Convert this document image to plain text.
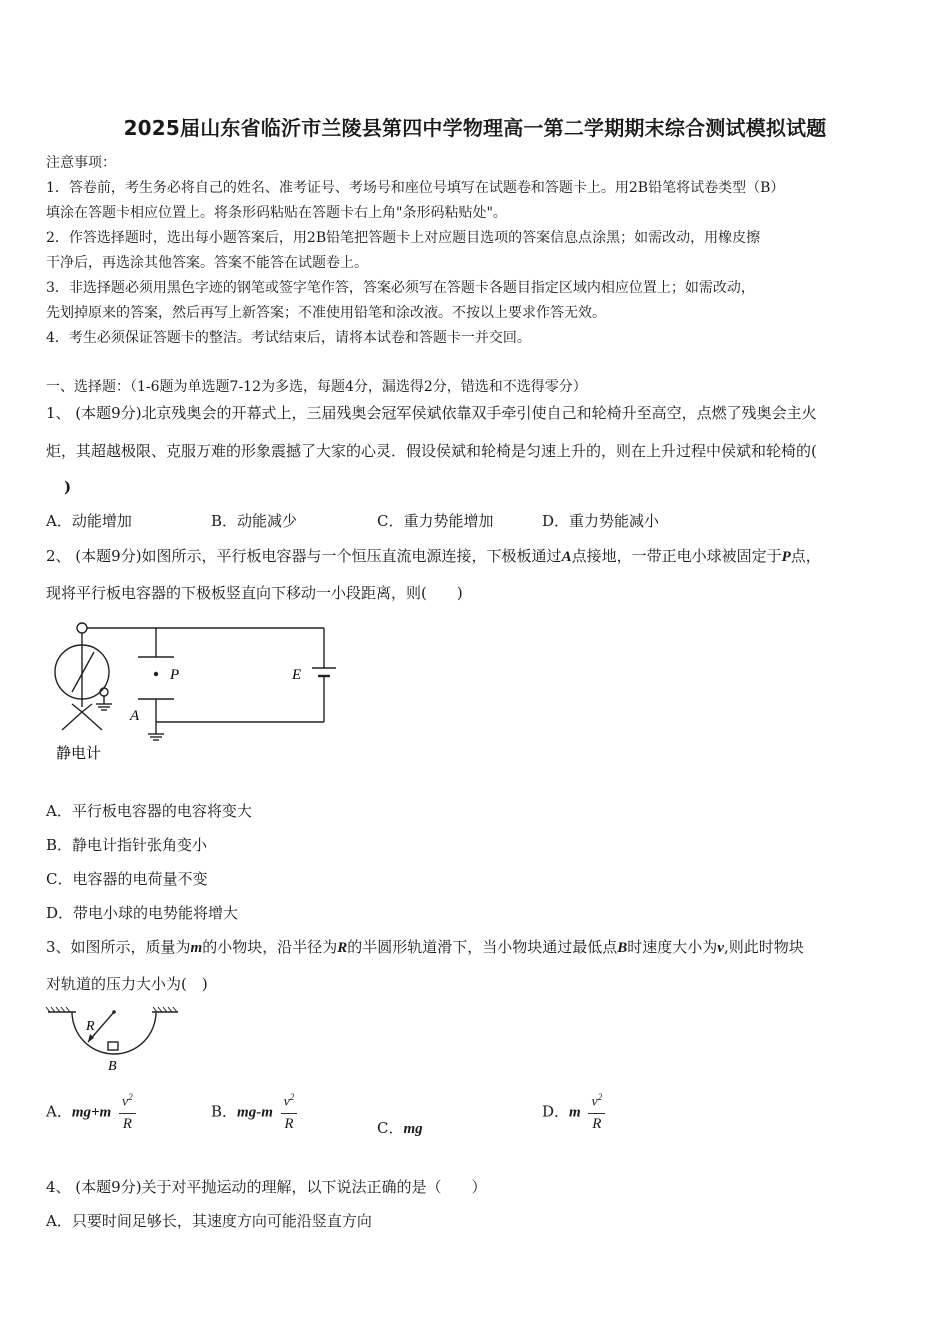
2025届山东省临沂市兰陵县第四中学物理高一第二学期期末综合测试模拟试题
注意事项：
1．答卷前，考生务必将自己的姓名、准考证号、考场号和座位号填写在试题卷和答题卡上。用2B铅笔将试卷类型（B）
填涂在答题卡相应位置上。将条形码粘贴在答题卡右上角"条形码粘贴处"。
2．作答选择题时，选出每小题答案后，用2B铅笔把答题卡上对应题目选项的答案信息点涂黑；如需改动，用橡皮擦
干净后，再选涂其他答案。答案不能答在试题卷上。
3．非选择题必须用黑色字迹的钢笔或签字笔作答，答案必须写在答题卡各题目指定区域内相应位置上；如需改动，
先划掉原来的答案，然后再写上新答案；不准使用铅笔和涂改液。不按以上要求作答无效。
4．考生必须保证答题卡的整洁。考试结束后，请将本试卷和答题卡一并交回。
一、选择题：（1-6题为单选题7-12为多选，每题4分，漏选得2分，错选和不选得零分）
1、 (本题9分)北京残奥会的开幕式上，三届残奥会冠军侯斌依靠双手牵引使自己和轮椅升至高空，点燃了残奥会主火
炬，其超越极限、克服万难的形象震撼了大家的心灵．假设侯斌和轮椅是匀速上升的，则在上升过程中侯斌和轮椅的(
)
A．动能增加	B．动能减少	C．重力势能增加	D．重力势能减小
2、 (本题9分)如图所示，平行板电容器与一个恒压直流电源连接，下极板通过A点接地，一带正电小球被固定于P点，
现将平行板电容器的下极板竖直向下移动一小段距离，则(　　)
P	E
A
静电计
A．平行板电容器的电容将变大
B．静电计指针张角变小
C．电容器的电荷量不变
D．带电小球的电势能将增大
3、如图所示，质量为m的小物块，沿半径为R的半圆形轨道滑下，当小物块通过最低点B时速度大小为v,则此时物块
对轨道的压力大小为(　)
R
B
A．$mg+m \frac{v^2}{R}$	B．$mg-m \frac{v^2}{R}$	C．mg
D．m $\frac{v^2}{R}$
4、 (本题9分)关于对平抛运动的理解，以下说法正确的是（　　）
A．只要时间足够长，其速度方向可能沿竖直方向
